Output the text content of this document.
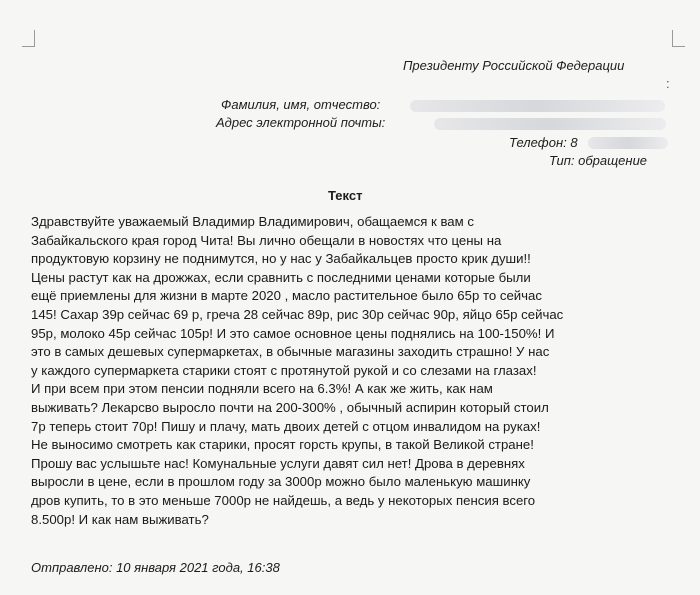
Президенту Российской Федерации
:
Фамилия, имя, отчество:
Адрес электронной почты:
Телефон: 8
Тип: обращение
Текст
Здравствуйте уважаемый Владимир Владимирович, обащаемся к вам с
Забайкальского края город Чита! Вы лично обещали в новостях что цены на
продуктовую корзину не поднимутся, но у нас у Забайкальцев просто крик души!!
Цены растут как на дрожжах, если сравнить с последними ценами которые были
ещё приемлены для жизни в марте 2020 , масло растительное было 65р то сейчас
145! Сахар 39р сейчас 69 р, греча 28 сейчас 89р, рис 30р сейчас 90р, яйцо 65р сейчас
95р, молоко 45р сейчас 105р! И это самое основное цены поднялись на 100-150%! И
это в самых дешевых супермаркетах, в обычные магазины заходить страшно! У нас
у каждого супермаркета старики стоят с протянутой рукой и со слезами на глазах!
И при всем при этом пенсии подняли всего на 6.3%! А как же жить, как нам
выживать? Лекарсво выросло почти на 200-300% , обычный аспирин который стоил
7р теперь стоит 70р! Пишу и плачу, мать двоих детей с отцом инвалидом на руках!
Не выносимо смотреть как старики, просят горсть крупы, в такой Великой стране!
Прошу вас услышьте нас! Комунальные услуги давят сил нет! Дрова в деревнях
выросли в цене, если в прошлом году за 3000р можно было маленькую машинку
дров купить, то в это меньше 7000р не найдешь, а ведь у некоторых пенсия всего
8.500р! И как нам выживать?
Отправлено: 10 января 2021 года, 16:38
